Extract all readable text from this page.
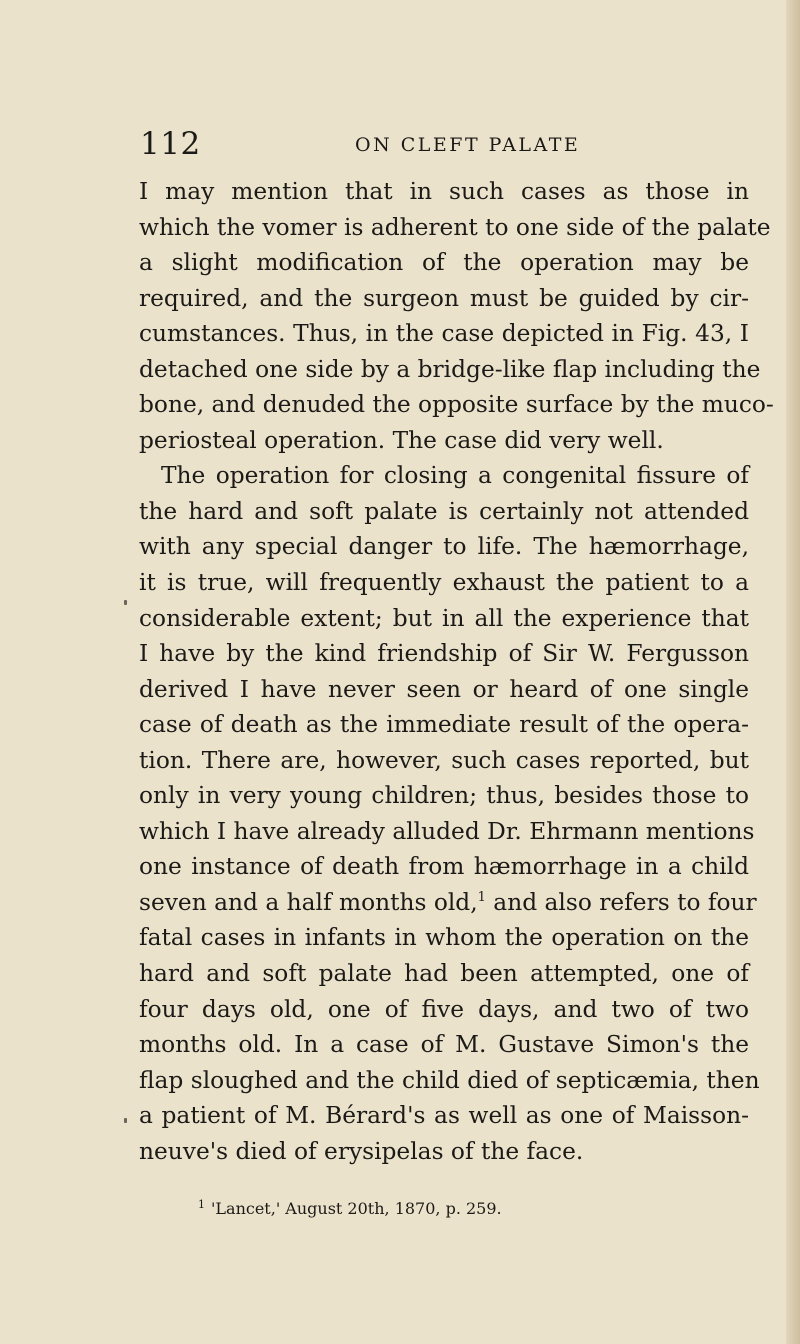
112	ON CLEFT PALATE
I may mention that in such cases as those in
which the vomer is adherent to one side of the palate
a slight modification of the operation may be
required, and the surgeon must be guided by cir-
cumstances. Thus, in the case depicted in Fig. 43, I
detached one side by a bridge-like flap including the
bone, and denuded the opposite surface by the muco-
periosteal operation. The case did very well.
The operation for closing a congenital fissure of
the hard and soft palate is certainly not attended
with any special danger to life. The hæmorrhage,
it is true, will frequently exhaust the patient to a
considerable extent; but in all the experience that
I have by the kind friendship of Sir W. Fergusson
derived I have never seen or heard of one single
case of death as the immediate result of the opera-
tion. There are, however, such cases reported, but
only in very young children; thus, besides those to
which I have already alluded Dr. Ehrmann mentions
one instance of death from hæmorrhage in a child
seven and a half months old,$^1$ and also refers to four
fatal cases in infants in whom the operation on the
hard and soft palate had been attempted, one of
four days old, one of five days, and two of two
months old. In a case of M. Gustave Simon's the
flap sloughed and the child died of septicæmia, then
a patient of M. Bérard's as well as one of Maisson-
neuve's died of erysipelas of the face.
$^1$ 'Lancet,' August 20th, 1870, p. 259.
